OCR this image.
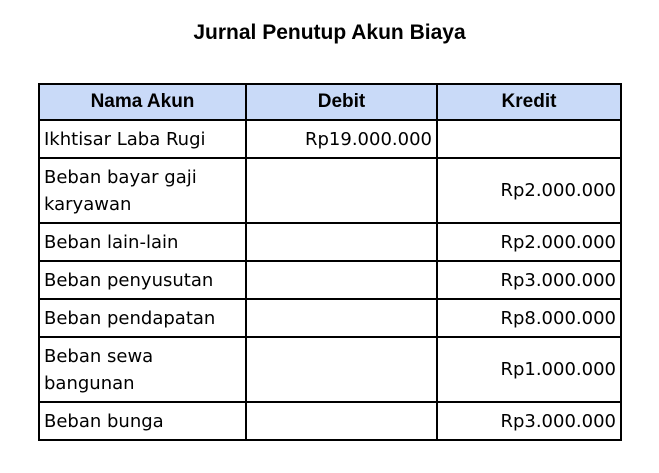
Jurnal Penutup Akun Biaya
Nama Akun	Debit	Kredit
Ikhtisar Laba Rugi	Rp19.000.000	
Beban bayar gaji karyawan		Rp2.000.000
Beban lain-lain		Rp2.000.000
Beban penyusutan		Rp3.000.000
Beban pendapatan		Rp8.000.000
Beban sewa bangunan		Rp1.000.000
Beban bunga		Rp3.000.000
